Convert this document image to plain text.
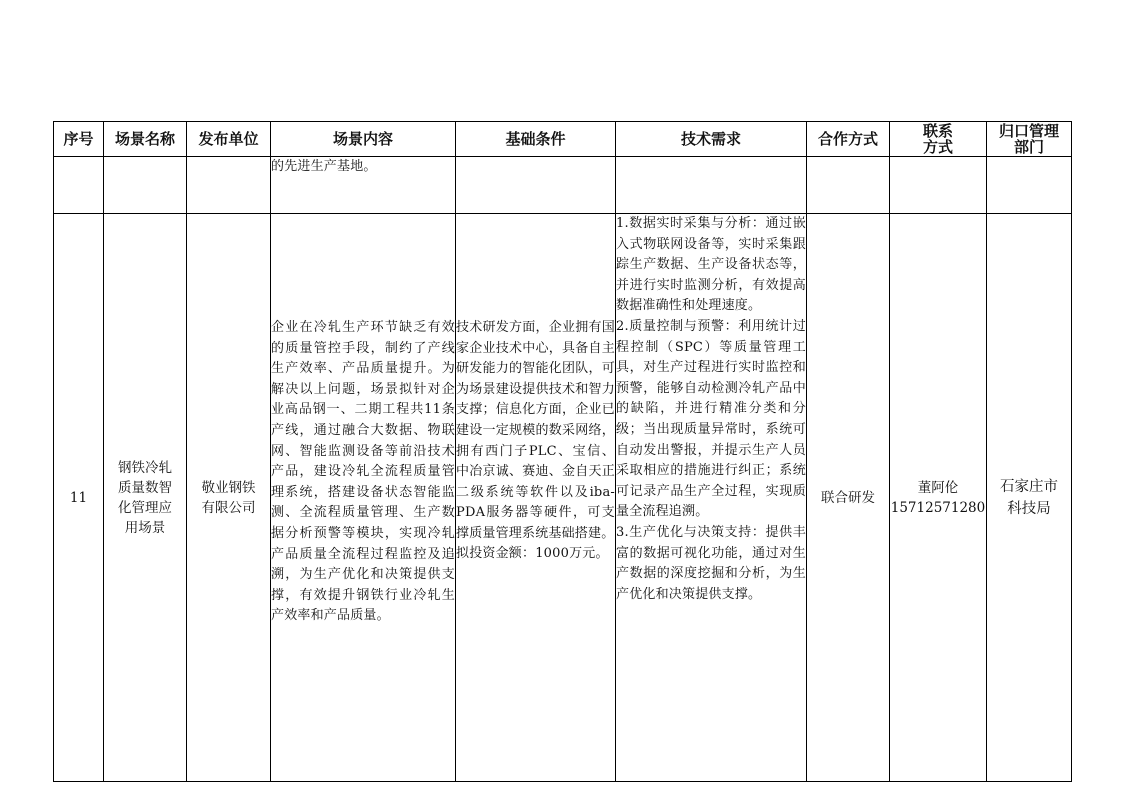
序号	场景名称	发布单位	场景内容	基础条件	技术需求	合作方式	联系方式	归口管理部门

			的先进生产基地。					
11	钢铁冷轧质量数智化管理应用场景	敬业钢铁有限公司	企业在冷轧生产环节缺乏有效的质量管控手段，制约了产线生产效率、产品质量提升。为解决以上问题，场景拟针对企业高品钢一、二期工程共11条产线，通过融合大数据、物联网、智能监测设备等前沿技术产品，建设冷轧全流程质量管理系统，搭建设备状态智能监测、全流程质量管理、生产数据分析预警等模块，实现冷轧产品质量全流程过程监控及追溯，为生产优化和决策提供支撑，有效提升钢铁行业冷轧生产效率和产品质量。	技术研发方面，企业拥有国家企业技术中心，具备自主研发能力的智能化团队，可为场景建设提供技术和智力支撑；信息化方面，企业已建设一定规模的数采网络，拥有西门子PLC、宝信、中冶京诚、赛迪、金自天正二级系统等软件以及iba-PDA服务器等硬件，可支撑质量管理系统基础搭建。
拟投资金额：1000万元。	1.数据实时采集与分析：通过嵌入式物联网设备等，实时采集跟踪生产数据、生产设备状态等，并进行实时监测分析，有效提高数据准确性和处理速度。
2.质量控制与预警：利用统计过程控制（SPC）等质量管理工具，对生产过程进行实时监控和预警，能够自动检测冷轧产品中的缺陷，并进行精准分类和分级；当出现质量异常时，系统可自动发出警报，并提示生产人员采取相应的措施进行纠正；系统可记录产品生产全过程，实现质量全流程追溯。
3.生产优化与决策支持：提供丰富的数据可视化功能，通过对生产数据的深度挖掘和分析，为生产优化和决策提供支撑。	联合研发	董阿伦
15712571280	石家庄市科技局
